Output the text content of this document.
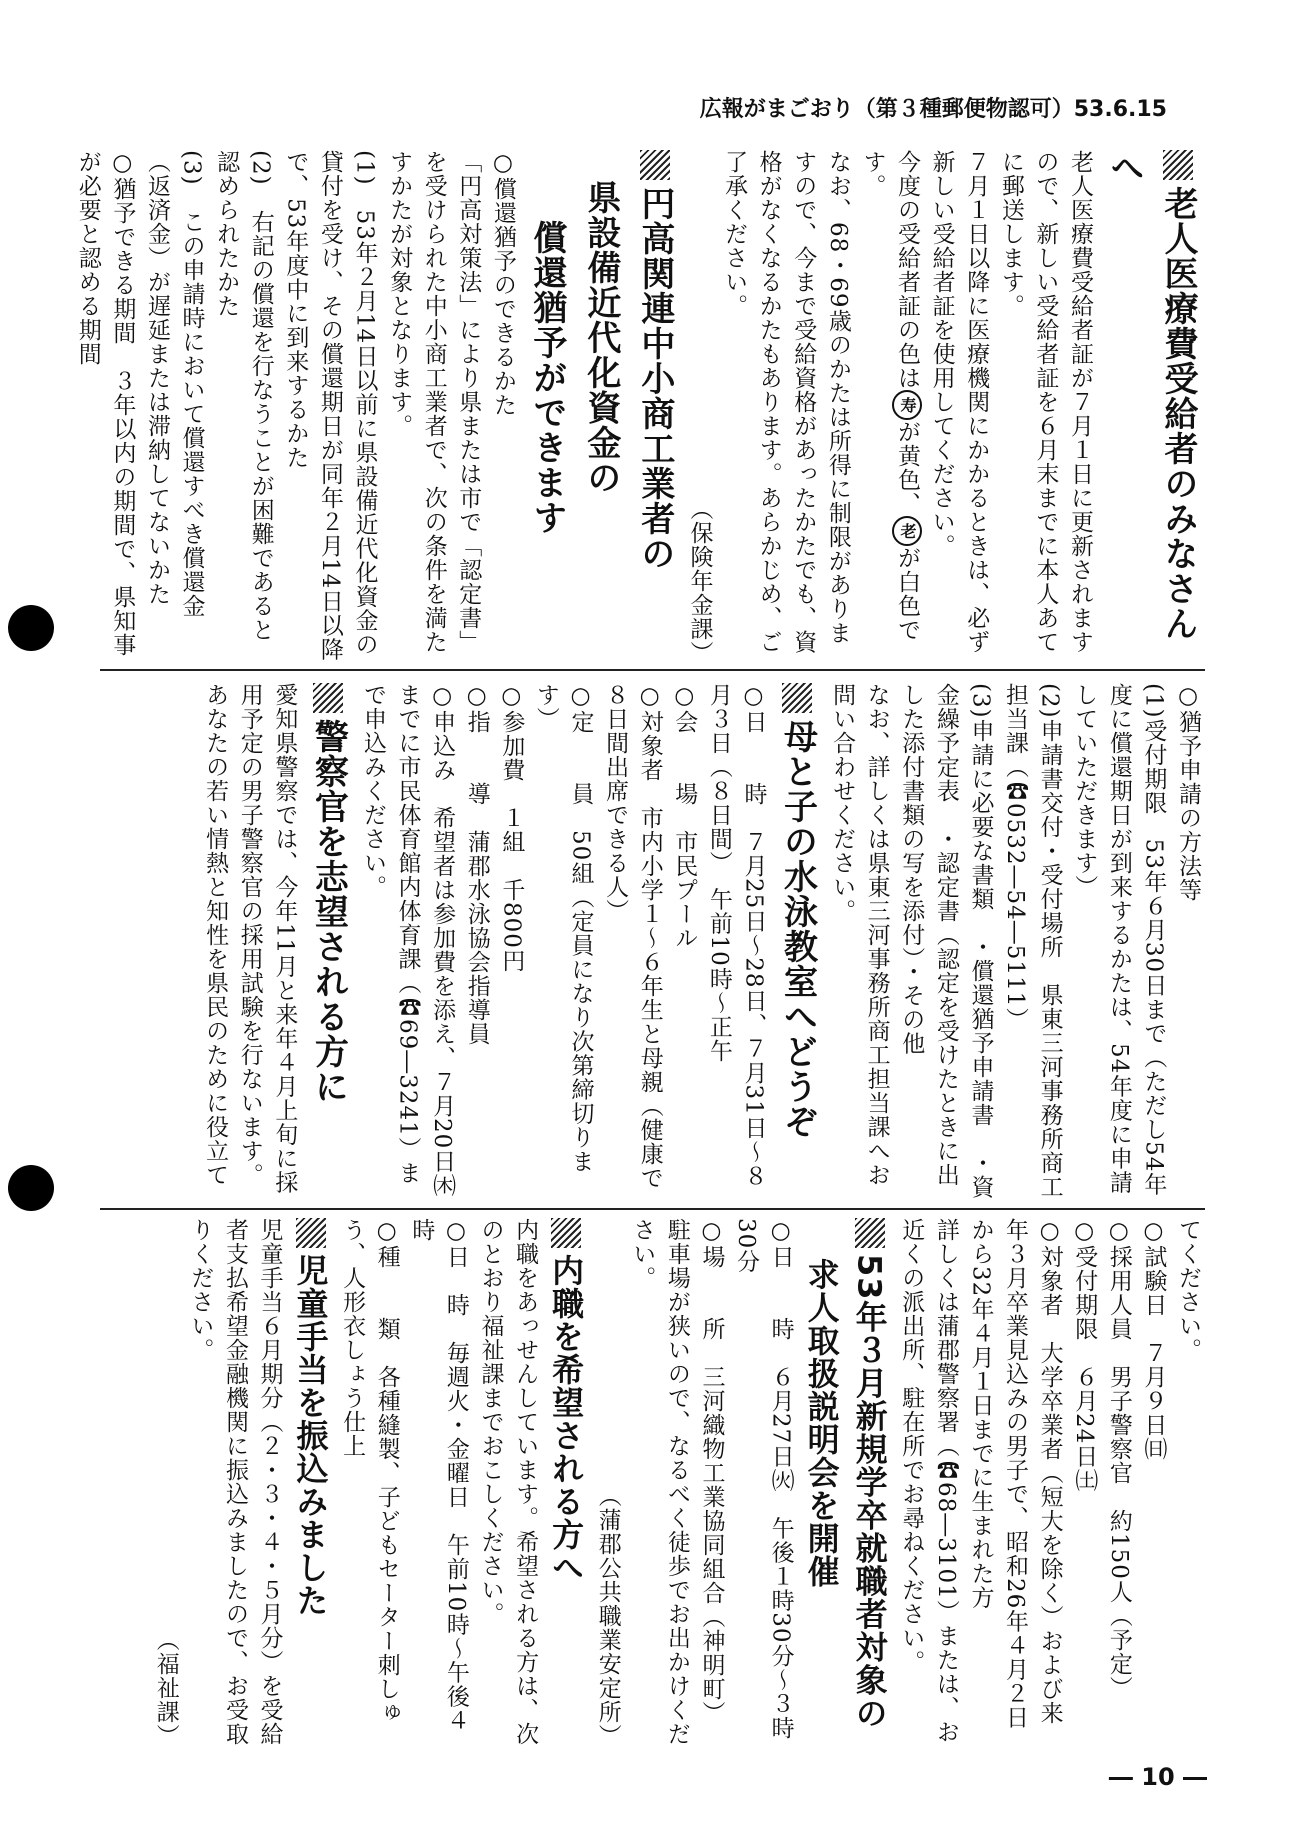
広報がまごおり（第３種郵便物認可）53.6.15

老人医療費受給者のみなさんへ

老人医療費受給者証が７月１日に更新されますので、新しい受給者証を６月末までに本人あてに郵送します。

７月１日以降に医療機関にかかるときは、必ず新しい受給者証を使用してください。

今度の受給者証の色は寿が黄色、老が白色です。

なお、68・69歳のかたは所得に制限がありますので、今まで受給資格があったかたでも、資格がなくなるかたもあります。あらかじめ、ご了承ください。

（保険年金課）

円高関連中小商工業者の

県設備近代化資金の

償還猶予ができます

○償還猶予のできるかた

「円高対策法」により県または市で「認定書」を受けられた中小商工業者で、次の条件を満たすかたが対象となります。

(1)　53年２月14日以前に県設備近代化資金の貸付を受け、その償還期日が同年２月14日以降で、53年度中に到来するかた

(2)　右記の償還を行なうことが困難であると認められたかた

(3)　この申請時において償還すべき償還金（返済金）が遅延または滞納してないかた

○猶予できる期間　３年以内の期間で、県知事が必要と認める期間

○猶予申請の方法等

(1)受付期限　53年６月30日まで（ただし54年度に償還期日が到来するかたは、54年度に申請していただきます）

(2)申請書交付・受付場所　県東三河事務所商工担当課（☎0532―54―5111）

(3)申請に必要な書類　・償還猶予申請書　・資金繰予定表　・認定書（認定を受けたときに出した添付書類の写を添付）・その他

なお、詳しくは県東三河事務所商工担当課へお問い合わせください。

母と子の水泳教室へどうぞ

○日　　時　７月25日～28日、７月31日～８月３日（８日間）　午前10時～正午

○会　　場　市民プール

○対象者　市内小学１～６年生と母親（健康で８日間出席できる人）

○定　　員　50組（定員になり次第締切ります）

○参加費　１組　千800円

○指　　導　蒲郡水泳協会指導員

○申込み　希望者は参加費を添え、７月20日㈭までに市民体育館内体育課（☎69―3241）まで申込みください。

警察官を志望される方に

愛知県警察では、今年11月と来年４月上旬に採用予定の男子警察官の採用試験を行ないます。

あなたの若い情熱と知性を県民のために役立て

てください。

○試験日　７月９日㈰

○採用人員　男子警察官　約150人（予定）

○受付期限　６月24日㈯

○対象者　大学卒業者（短大を除く）および来年３月卒業見込みの男子で、昭和26年４月２日から32年４月１日までに生まれた方

詳しくは蒲郡警察署（☎68―3101）または、お近くの派出所、駐在所でお尋ねください。

53年３月新規学卒就職者対象の

求人取扱説明会を開催

○日　　時　６月27日㈫　午後１時30分～３時30分

○場　　所　三河織物工業協同組合（神明町）

駐車場が狭いので、なるべく徒歩でお出かけください。

（蒲郡公共職業安定所）

内職を希望される方へ

内職をあっせんしています。希望される方は、次のとおり福祉課までおこしください。

○日　時　毎週火・金曜日　午前10時～午後４時

○種　　類　各種縫製、子どもセーター刺しゅう、人形衣しょう仕上

児童手当を振込みました

児童手当６月期分（２・３・４・５月分）を受給者支払希望金融機関に振込みましたので、お受取りください。

（福祉課）

― 10 ―
